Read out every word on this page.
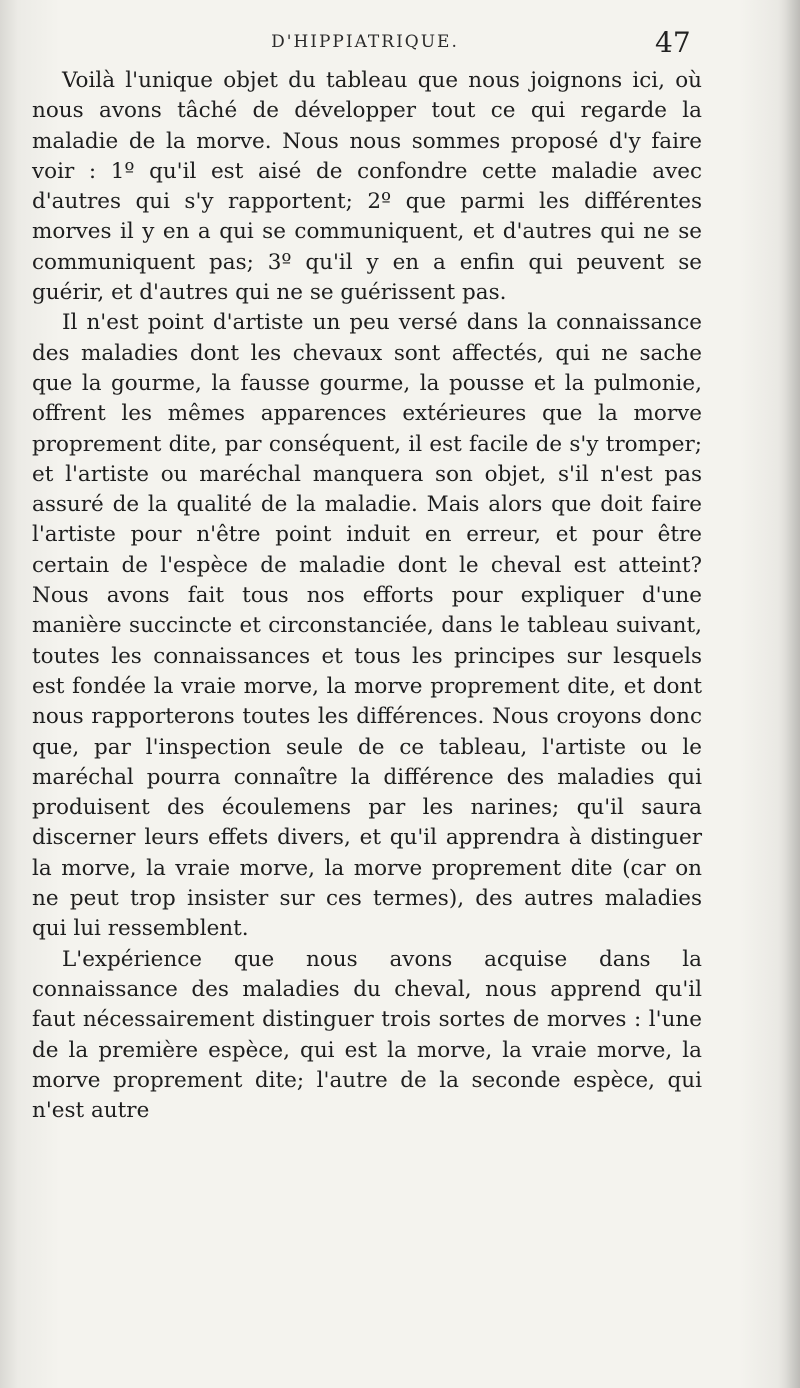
D'HIPPIATRIQUE.	47

Voilà l'unique objet du tableau que nous joignons ici, où nous avons tâché de développer tout ce qui regarde la maladie de la morve. Nous nous sommes proposé d'y faire voir : 1º qu'il est aisé de confondre cette maladie avec d'autres qui s'y rapportent; 2º que parmi les différentes morves il y en a qui se communiquent, et d'autres qui ne se communiquent pas; 3º qu'il y en a enfin qui peuvent se guérir, et d'autres qui ne se guérissent pas.

Il n'est point d'artiste un peu versé dans la connaissance des maladies dont les chevaux sont affectés, qui ne sache que la gourme, la fausse gourme, la pousse et la pulmonie, offrent les mêmes apparences extérieures que la morve proprement dite, par conséquent, il est facile de s'y tromper; et l'artiste ou maréchal manquera son objet, s'il n'est pas assuré de la qualité de la maladie. Mais alors que doit faire l'artiste pour n'être point induit en erreur, et pour être certain de l'espèce de maladie dont le cheval est atteint? Nous avons fait tous nos efforts pour expliquer d'une manière succincte et circonstanciée, dans le tableau suivant, toutes les connaissances et tous les principes sur lesquels est fondée la vraie morve, la morve proprement dite, et dont nous rapporterons toutes les différences. Nous croyons donc que, par l'inspection seule de ce tableau, l'artiste ou le maréchal pourra connaître la différence des maladies qui produisent des écoulemens par les narines; qu'il saura discerner leurs effets divers, et qu'il apprendra à distinguer la morve, la vraie morve, la morve proprement dite (car on ne peut trop insister sur ces termes), des autres maladies qui lui ressemblent.

L'expérience que nous avons acquise dans la connaissance des maladies du cheval, nous apprend qu'il faut nécessairement distinguer trois sortes de morves : l'une de la première espèce, qui est la morve, la vraie morve, la morve proprement dite; l'autre de la seconde espèce, qui n'est autre
